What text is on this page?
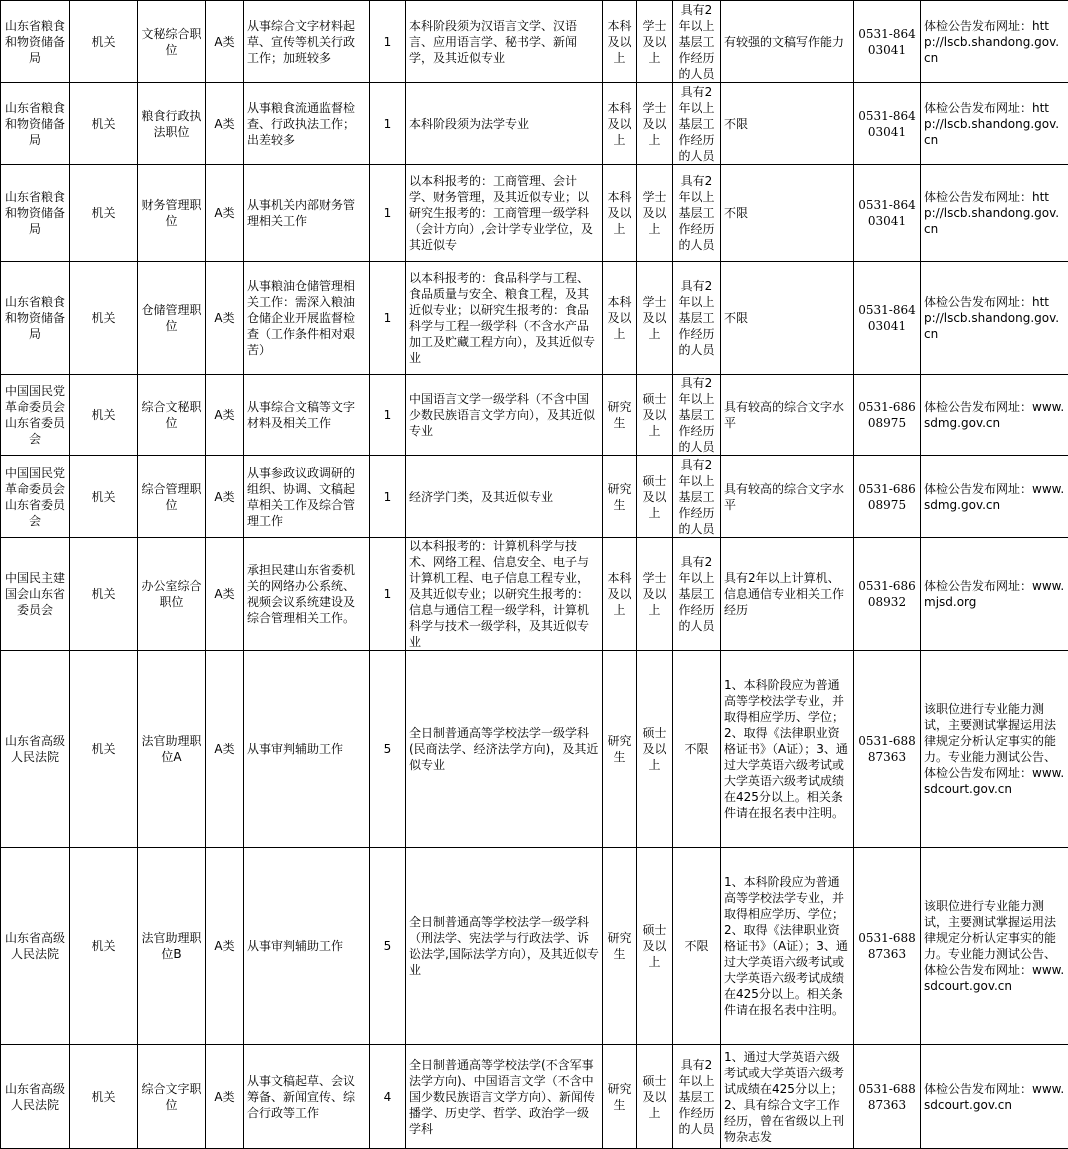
山东省粮食和物资储备局	机关	文秘综合职位	A类	从事综合文字材料起草、宣传等机关行政工作；加班较多	1	本科阶段须为汉语言文学、汉语言、应用语言学、秘书学、新闻学，及其近似专业	本科及以上	学士及以上	具有2年以上基层工作经历的人员	有较强的文稿写作能力	0531-86403041	体检公告发布网址：http://lscb.shandong.gov.cn
山东省粮食和物资储备局	机关	粮食行政执法职位	A类	从事粮食流通监督检查、行政执法工作；出差较多	1	本科阶段须为法学专业	本科及以上	学士及以上	具有2年以上基层工作经历的人员	不限	0531-86403041	体检公告发布网址：http://lscb.shandong.gov.cn
山东省粮食和物资储备局	机关	财务管理职位	A类	从事机关内部财务管理相关工作	1	以本科报考的：工商管理、会计学、财务管理，及其近似专业；以研究生报考的：工商管理一级学科（会计方向）,会计学专业学位，及其近似专	本科及以上	学士及以上	具有2年以上基层工作经历的人员	不限	0531-86403041	体检公告发布网址：http://lscb.shandong.gov.cn
山东省粮食和物资储备局	机关	仓储管理职位	A类	从事粮油仓储管理相关工作：需深入粮油仓储企业开展监督检查（工作条件相对艰苦）	1	以本科报考的：食品科学与工程、食品质量与安全、粮食工程，及其近似专业；以研究生报考的：食品科学与工程一级学科（不含水产品加工及贮藏工程方向），及其近似专业	本科及以上	学士及以上	具有2年以上基层工作经历的人员	不限	0531-86403041	体检公告发布网址：http://lscb.shandong.gov.cn
中国国民党革命委员会山东省委员会	机关	综合文秘职位	A类	从事综合文稿等文字材料及相关工作	1	中国语言文学一级学科（不含中国少数民族语言文学方向），及其近似专业	研究生	硕士及以上	具有2年以上基层工作经历的人员	具有较高的综合文字水平	0531-68608975	体检公告发布网址：www.sdmg.gov.cn
中国国民党革命委员会山东省委员会	机关	综合管理职位	A类	从事参政议政调研的组织、协调、文稿起草相关工作及综合管理工作	1	经济学门类，及其近似专业	研究生	硕士及以上	具有2年以上基层工作经历的人员	具有较高的综合文字水平	0531-68608975	体检公告发布网址：www.sdmg.gov.cn
中国民主建国会山东省委员会	机关	办公室综合职位	A类	承担民建山东省委机关的网络办公系统、视频会议系统建设及综合管理相关工作。	1	以本科报考的：计算机科学与技术、网络工程、信息安全、电子与计算机工程、电子信息工程专业，及其近似专业；以研究生报考的：信息与通信工程一级学科，计算机科学与技术一级学科，及其近似专业	本科及以上	学士及以上	具有2年以上基层工作经历的人员	具有2年以上计算机、信息通信专业相关工作经历	0531-68608932	体检公告发布网址：www.mjsd.org
山东省高级人民法院	机关	法官助理职位A	A类	从事审判辅助工作	5	全日制普通高等学校法学一级学科(民商法学、经济法学方向)，及其近似专业	研究生	硕士及以上	不限	1、本科阶段应为普通高等学校法学专业，并取得相应学历、学位；2、取得《法律职业资格证书》（A证）；3、通过大学英语六级考试或大学英语六级考试成绩在425分以上。相关条件请在报名表中注明。	0531-68887363	该职位进行专业能力测试，主要测试掌握运用法律规定分析认定事实的能力。专业能力测试公告、体检公告发布网址：www.sdcourt.gov.cn
山东省高级人民法院	机关	法官助理职位B	A类	从事审判辅助工作	5	全日制普通高等学校法学一级学科（刑法学、宪法学与行政法学、诉讼法学,国际法学方向），及其近似专业	研究生	硕士及以上	不限	1、本科阶段应为普通高等学校法学专业，并取得相应学历、学位；2、取得《法律职业资格证书》（A证）；3、通过大学英语六级考试或大学英语六级考试成绩在425分以上。相关条件请在报名表中注明。	0531-68887363	该职位进行专业能力测试，主要测试掌握运用法律规定分析认定事实的能力。专业能力测试公告、体检公告发布网址：www.sdcourt.gov.cn
山东省高级人民法院	机关	综合文字职位	A类	从事文稿起草、会议筹备、新闻宣传、综合行政等工作	4	全日制普通高等学校法学(不含军事法学方向)、中国语言文学（不含中国少数民族语言文学方向）、新闻传播学、历史学、哲学、政治学一级学科	研究生	硕士及以上	具有2年以上基层工作经历的人员	1、通过大学英语六级考试或大学英语六级考试成绩在425分以上；2、具有综合文字工作经历，曾在省级以上刊物杂志发	0531-68887363	体检公告发布网址：www.sdcourt.gov.cn
